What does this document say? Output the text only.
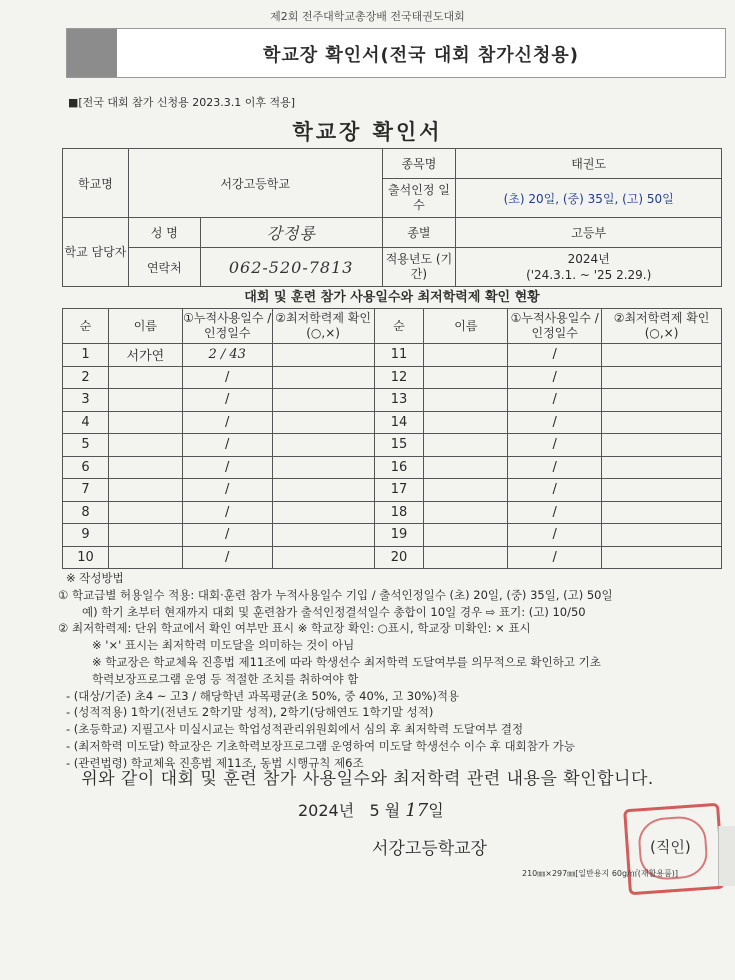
제2회 전주대학교총장배 전국태권도대회
학교장 확인서(전국 대회 참가신청용)
■[전국 대회 참가 신청용 2023.3.1 이후 적용]
학교장 확인서
학교명	서강고등학교		종목명	태권도
			출석인정 일수	(초) 20일, (중) 35일, (고) 50일
학교 담당자	성 명	강정룡	종별	고등부
	연락처	062-520-7813	적용년도 (기간)	2024년
('24.3.1. ~ '25 2.29.)
대회 및 훈련 참가 사용일수와 최저학력제 확인 현황
순	이름	①누적사용일수 /인정일수	②최저학력제 확인(○,×)	순	이름	①누적사용일수 /인정일수	②최저학력제 확인(○,×)
1	서가연	2 / 43		11		/	
2		/		12		/	
3		/		13		/	
4		/		14		/	
5		/		15		/	
6		/		16		/	
7		/		17		/	
8		/		18		/	
9		/		19		/	
10		/		20		/	
※ 작성방법
① 학교급별 허용일수 적용: 대회·훈련 참가 누적사용일수 기입 / 출석인정일수 (초) 20일, (중) 35일, (고) 50일
예) 학기 초부터 현재까지 대회 및 훈련참가 출석인정결석일수 총합이 10일 경우 ⇨ 표기: (고) 10/50
② 최저학력제: 단위 학교에서 확인 여부만 표시 ※ 학교장 확인: ○표시, 학교장 미확인: × 표시
※ '×' 표시는 최저학력 미도달을 의미하는 것이 아님
※ 학교장은 학교체육 진흥법 제11조에 따라 학생선수 최저학력 도달여부를 의무적으로 확인하고 기초
학력보장프로그램 운영 등 적절한 조치를 취하여야 함
- (대상/기준) 초4 ~ 고3 / 해당학년 과목평균(초 50%, 중 40%, 고 30%)적용
- (성적적용) 1학기(전년도 2학기말 성적), 2학기(당해연도 1학기말 성적)
- (초등학교) 지필고사 미실시교는 학업성적관리위원회에서 심의 후 최저학력 도달여부 결정
- (최저학력 미도달) 학교장은 기초학력보장프로그램 운영하여 미도달 학생선수 이수 후 대회참가 가능
- (관련법령) 학교체육 진흥법 제11조, 동법 시행규칙 제6조
위와 같이 대회 및 훈련 참가 사용일수와 최저학력 관련 내용을 확인합니다.
2024년 5 월 17일
서강고등학교장	(직인)
210㎜×297㎜[일반용지 60g/㎡(재활용품)]
